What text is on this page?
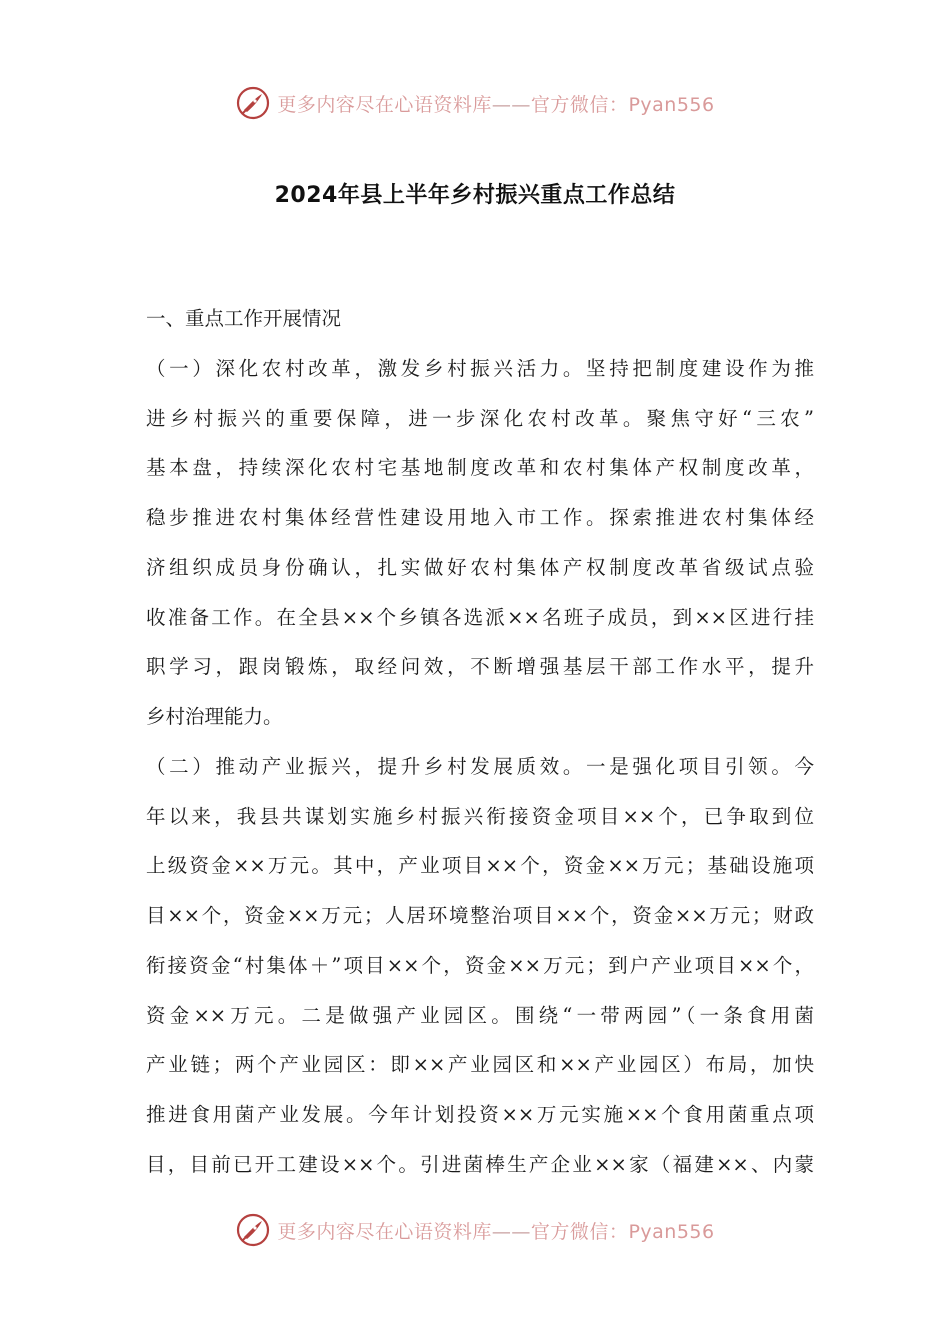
更多内容尽在心语资料库——官方微信：Pyan556
2024年县上半年乡村振兴重点工作总结
一、重点工作开展情况
（一）深化农村改革，激发乡村振兴活力。坚持把制度建设作为推
进乡村振兴的重要保障，进一步深化农村改革。聚焦守好“三农”
基本盘，持续深化农村宅基地制度改革和农村集体产权制度改革，
稳步推进农村集体经营性建设用地入市工作。探索推进农村集体经
济组织成员身份确认，扎实做好农村集体产权制度改革省级试点验
收准备工作。在全县××个乡镇各选派××名班子成员，到××区进行挂
职学习，跟岗锻炼，取经问效，不断增强基层干部工作水平，提升
乡村治理能力。
（二）推动产业振兴，提升乡村发展质效。一是强化项目引领。今
年以来，我县共谋划实施乡村振兴衔接资金项目××个，已争取到位
上级资金××万元。其中，产业项目××个，资金××万元；基础设施项
目××个，资金××万元；人居环境整治项目××个，资金××万元；财政
衔接资金“村集体＋”项目××个，资金××万元；到户产业项目××个，
资金××万元。二是做强产业园区。围绕“一带两园”（一条食用菌
产业链；两个产业园区：即××产业园区和××产业园区）布局，加快
推进食用菌产业发展。今年计划投资××万元实施××个食用菌重点项
目，目前已开工建设××个。引进菌棒生产企业××家（福建××、内蒙
更多内容尽在心语资料库——官方微信：Pyan556
